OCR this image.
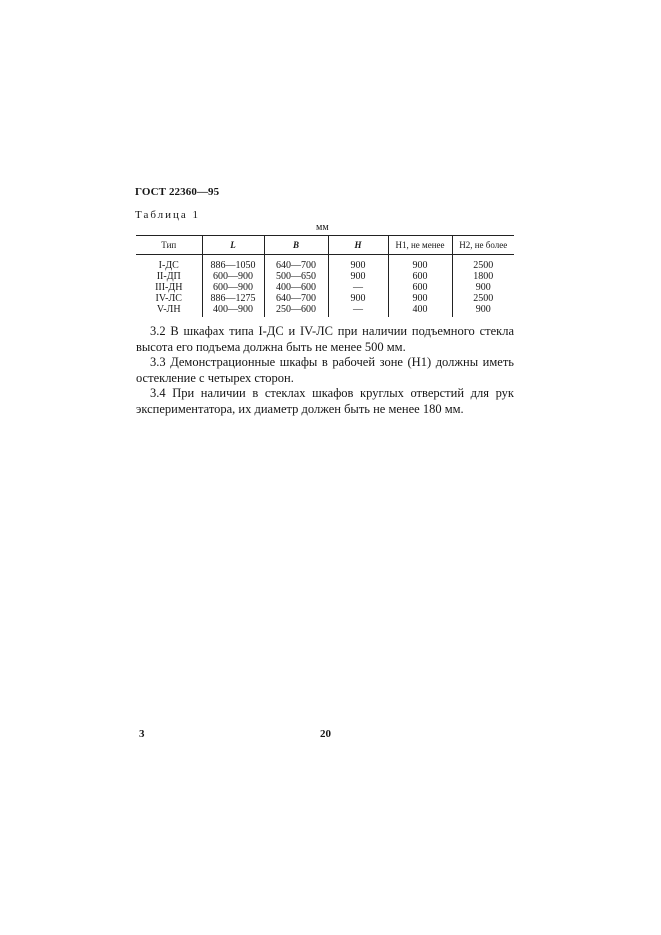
ГОСТ 22360—95
Таблица 1
мм
Тип	L	B	H	H1, не менее	H2, не более
I-ДС	886—1050	640—700	900	900	2500
II-ДП	600—900	500—650	900	600	1800
III-ДН	600—900	400—600	—	600	900
IV-ЛС	886—1275	640—700	900	900	2500
V-ЛН	400—900	250—600	—	400	900

3.2 В шкафах типа I-ДС и IV-ЛС при наличии подъемного стекла высота его подъема должна быть не менее 500 мм.

3.3 Демонстрационные шкафы в рабочей зоне (H1) должны иметь остекление с четырех сторон.

3.4 При наличии в стеклах шкафов круглых отверстий для рук экспериментатора, их диаметр должен быть не менее 180 мм.

3	20
